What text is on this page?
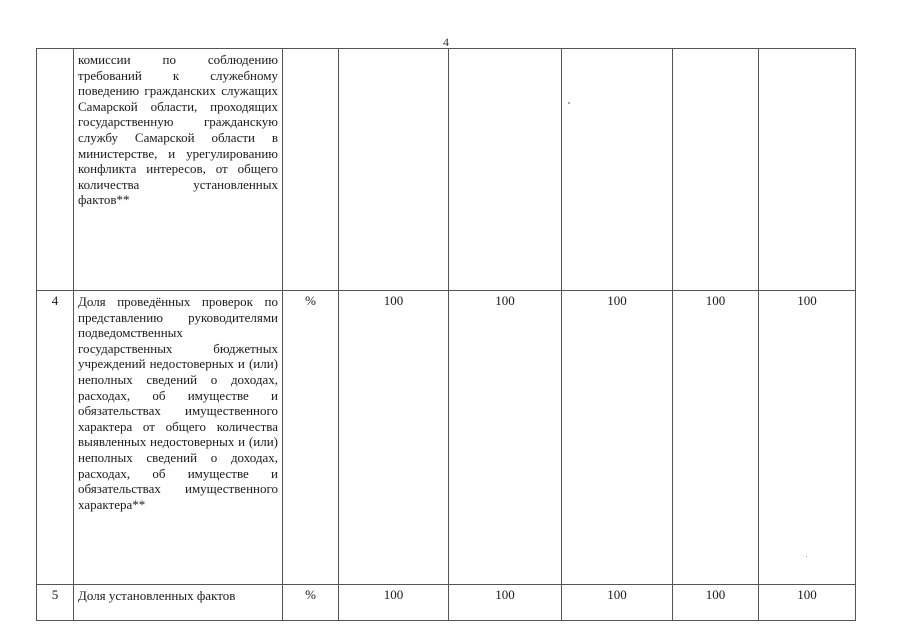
4

	комиссии по соблюдению требований к служебному поведению гражданских служащих Самарской области, проходящих государственную гражданскую службу Самарской области в министерстве, и урегулированию конфликта интересов, от общего количества установленных фактов**						

4	Доля проведённых проверок по представлению руководителями подведомственных государственных бюджетных учреждений недостоверных и (или) неполных сведений о доходах, расходах, об имуществе и обязательствах имущественного характера от общего количества выявленных недостоверных и (или) неполных сведений о доходах, расходах, об имуществе и обязательствах имущественного характера**	%	100	100	100	100	100
5	Доля установленных фактов	%	100	100	100	100	100
